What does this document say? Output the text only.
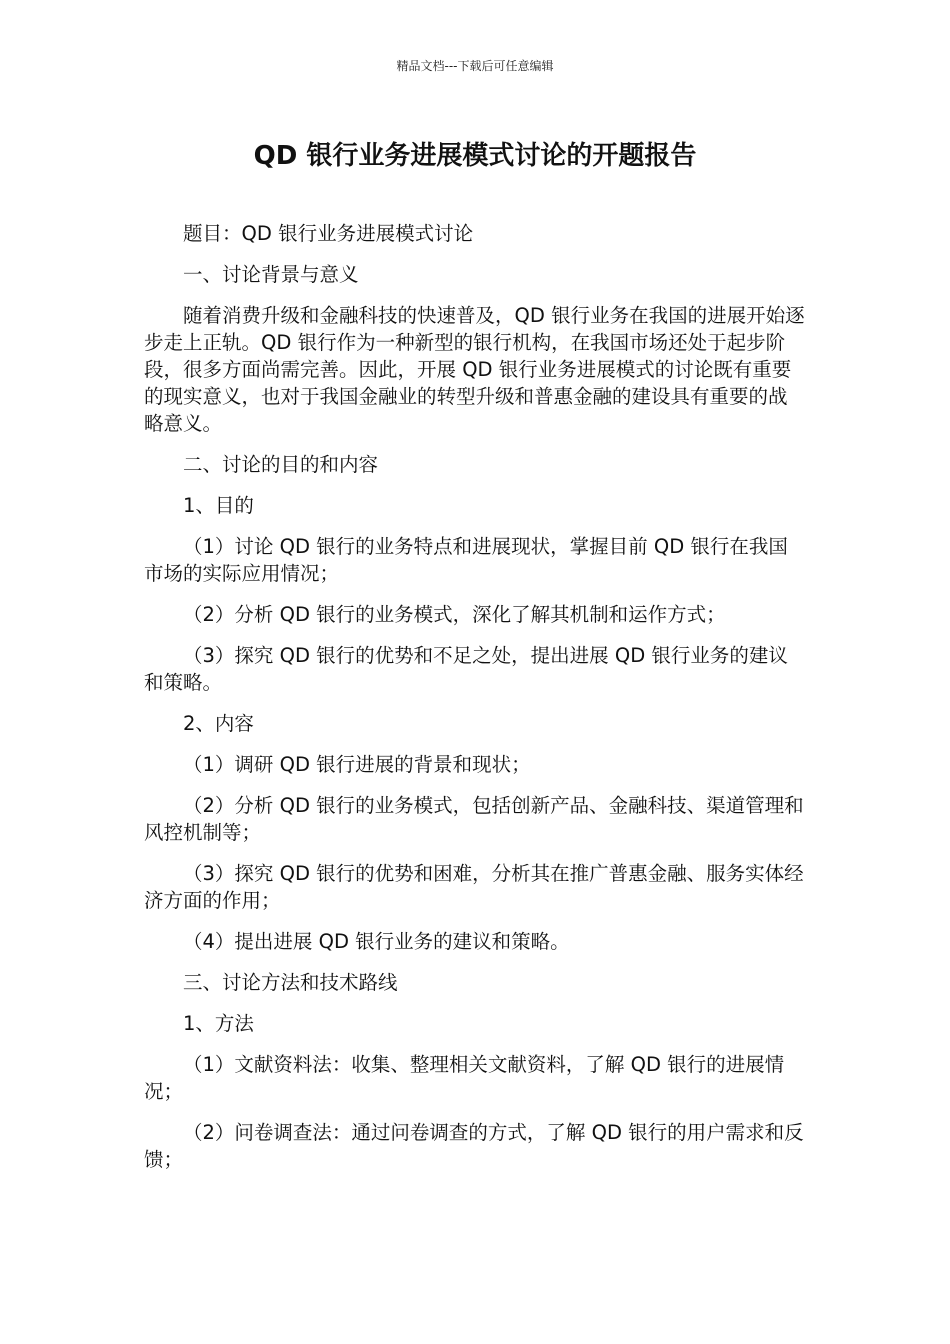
精品文档---下载后可任意编辑
QD 银行业务进展模式讨论的开题报告

题目：QD 银行业务进展模式讨论

一、讨论背景与意义

随着消费升级和金融科技的快速普及，QD 银行业务在我国的进展开始逐步走上正轨。QD 银行作为一种新型的银行机构，在我国市场还处于起步阶段，很多方面尚需完善。因此，开展 QD 银行业务进展模式的讨论既有重要的现实意义，也对于我国金融业的转型升级和普惠金融的建设具有重要的战略意义。

二、讨论的目的和内容

1、目的

（1）讨论 QD 银行的业务特点和进展现状，掌握目前 QD 银行在我国市场的实际应用情况；

（2）分析 QD 银行的业务模式，深化了解其机制和运作方式；

（3）探究 QD 银行的优势和不足之处，提出进展 QD 银行业务的建议和策略。

2、内容

（1）调研 QD 银行进展的背景和现状；

（2）分析 QD 银行的业务模式，包括创新产品、金融科技、渠道管理和风控机制等；

（3）探究 QD 银行的优势和困难，分析其在推广普惠金融、服务实体经济方面的作用；

（4）提出进展 QD 银行业务的建议和策略。

三、讨论方法和技术路线

1、方法

（1）文献资料法：收集、整理相关文献资料，了解 QD 银行的进展情况；

（2）问卷调查法：通过问卷调查的方式，了解 QD 银行的用户需求和反馈；
